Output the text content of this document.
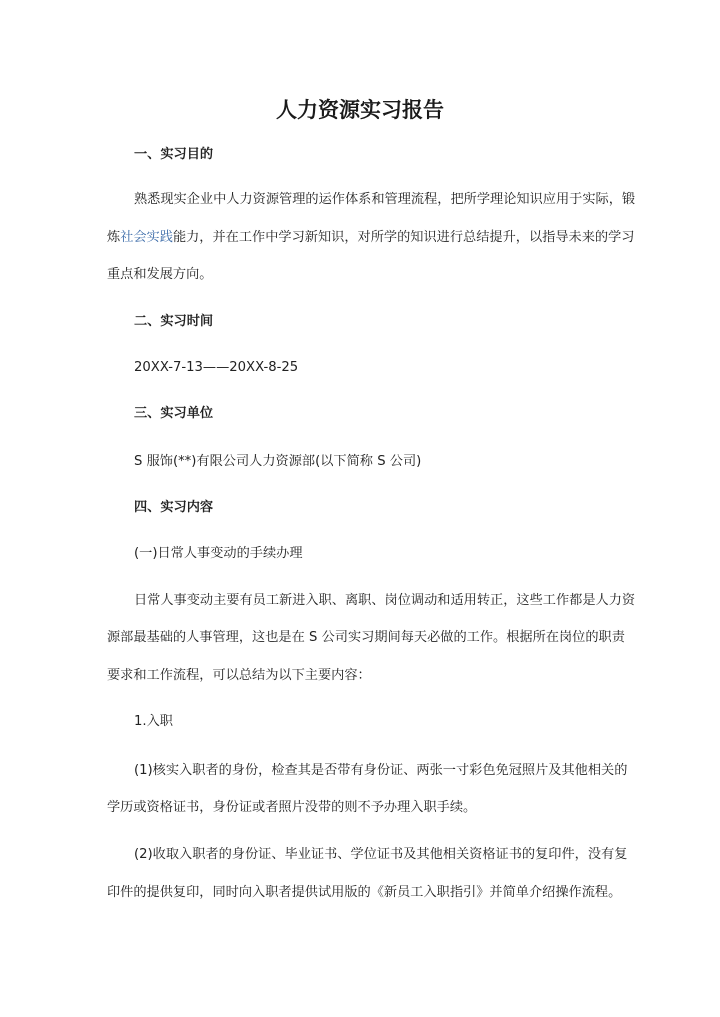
人力资源实习报告
一、实习目的
熟悉现实企业中人力资源管理的运作体系和管理流程，把所学理论知识应用于实际，锻
炼社会实践能力，并在工作中学习新知识，对所学的知识进行总结提升，以指导未来的学习
重点和发展方向。
二、实习时间
20XX-7-13——20XX-8-25
三、实习单位
S 服饰(**)有限公司人力资源部(以下简称 S 公司)
四、实习内容
(一)日常人事变动的手续办理
日常人事变动主要有员工新进入职、离职、岗位调动和适用转正，这些工作都是人力资
源部最基础的人事管理，这也是在 S 公司实习期间每天必做的工作。根据所在岗位的职责
要求和工作流程，可以总结为以下主要内容：
1.入职
(1)核实入职者的身份，检查其是否带有身份证、两张一寸彩色免冠照片及其他相关的
学历或资格证书，身份证或者照片没带的则不予办理入职手续。
(2)收取入职者的身份证、毕业证书、学位证书及其他相关资格证书的复印件，没有复
印件的提供复印，同时向入职者提供试用版的《新员工入职指引》并简单介绍操作流程。
